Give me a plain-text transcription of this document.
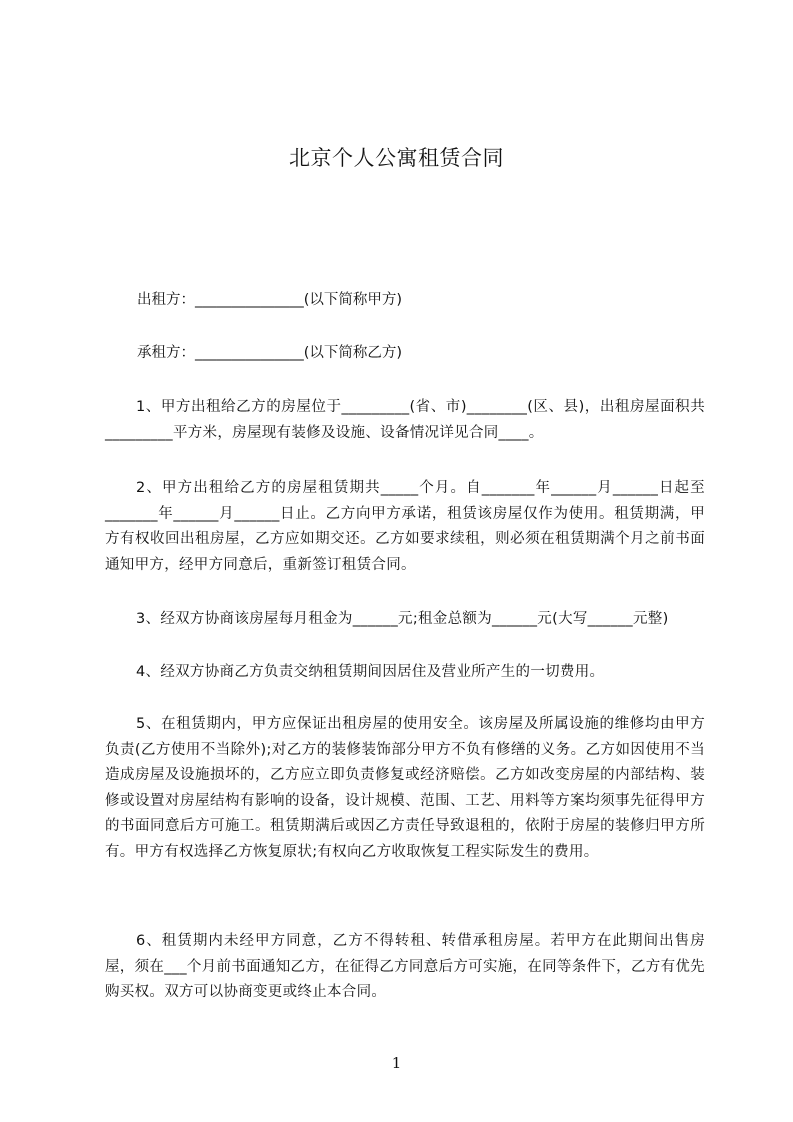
北京个人公寓租赁合同
出租方：_______________(以下简称甲方)
承租方：_______________(以下简称乙方)
1、甲方出租给乙方的房屋位于_________(省、市)________(区、县)，出租房屋面积共_________平方米，房屋现有装修及设施、设备情况详见合同____。
2、甲方出租给乙方的房屋租赁期共_____个月。自_______年______月______日起至_______年______月______日止。乙方向甲方承诺，租赁该房屋仅作为使用。租赁期满，甲方有权收回出租房屋，乙方应如期交还。乙方如要求续租，则必须在租赁期满个月之前书面通知甲方，经甲方同意后，重新签订租赁合同。
3、经双方协商该房屋每月租金为______元;租金总额为______元(大写______元整)
4、经双方协商乙方负责交纳租赁期间因居住及营业所产生的一切费用。
5、在租赁期内，甲方应保证出租房屋的使用安全。该房屋及所属设施的维修均由甲方负责(乙方使用不当除外);对乙方的装修装饰部分甲方不负有修缮的义务。乙方如因使用不当造成房屋及设施损坏的，乙方应立即负责修复或经济赔偿。乙方如改变房屋的内部结构、装修或设置对房屋结构有影响的设备，设计规模、范围、工艺、用料等方案均须事先征得甲方的书面同意后方可施工。租赁期满后或因乙方责任导致退租的，依附于房屋的装修归甲方所有。甲方有权选择乙方恢复原状;有权向乙方收取恢复工程实际发生的费用。
6、租赁期内未经甲方同意，乙方不得转租、转借承租房屋。若甲方在此期间出售房屋，须在___个月前书面通知乙方，在征得乙方同意后方可实施，在同等条件下，乙方有优先购买权。双方可以协商变更或终止本合同。
1
